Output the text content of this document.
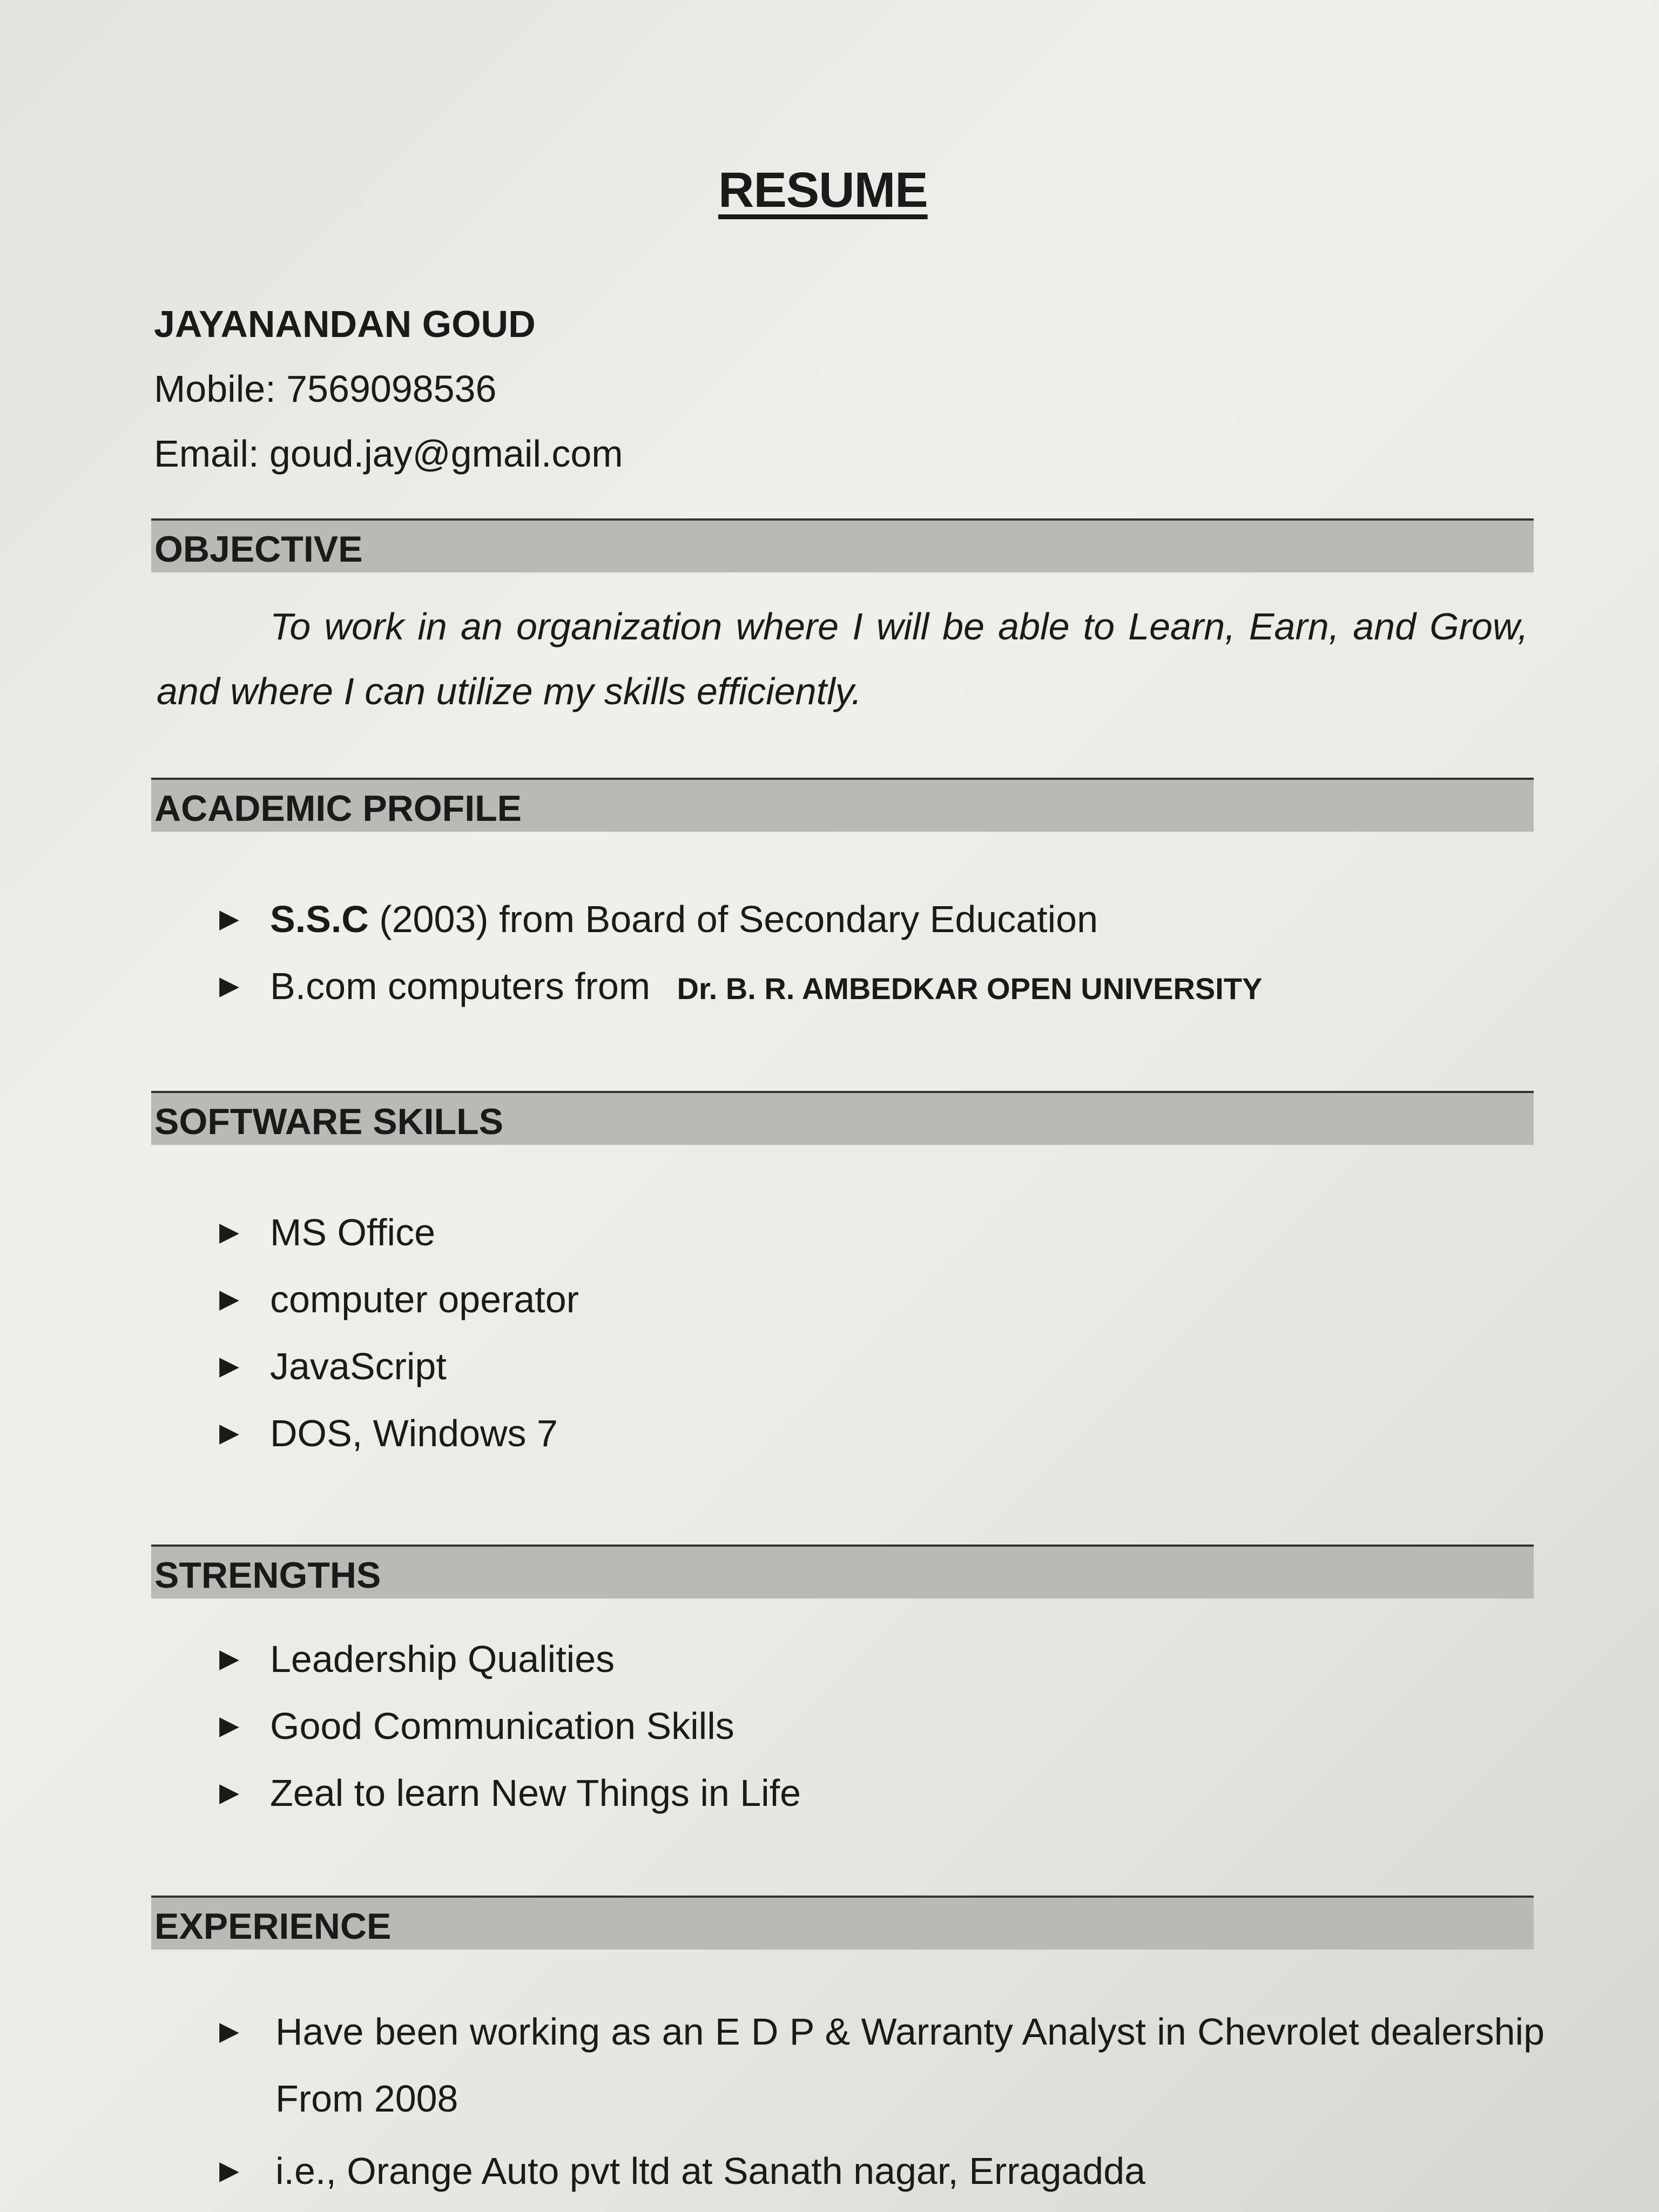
RESUME
JAYANANDAN GOUD
Mobile: 7569098536
Email: goud.jay@gmail.com
OBJECTIVE
To work in an organization where I will be able to Learn, Earn, and Grow, and where I can utilize my skills efficiently.
ACADEMIC PROFILE
▶ S.S.C (2003) from Board of Secondary Education
▶ B.com computers from Dr. B. R. AMBEDKAR OPEN UNIVERSITY
SOFTWARE SKILLS
▶ MS Office
▶ computer operator
▶ JavaScript
▶ DOS, Windows 7
STRENGTHS
▶ Leadership Qualities
▶ Good Communication Skills
▶ Zeal to learn New Things in Life
EXPERIENCE
▶ Have been working as an E D P & Warranty Analyst in Chevrolet dealership From 2008
▶ i.e., Orange Auto pvt ltd at Sanath nagar, Erragadda
